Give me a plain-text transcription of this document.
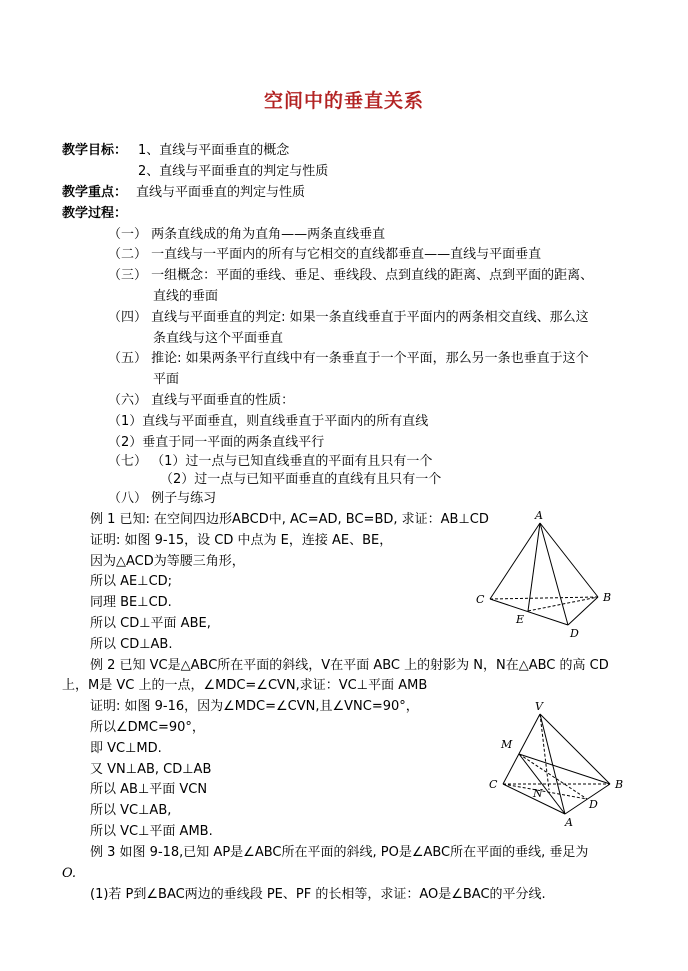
空间中的垂直关系
教学目标： 1、直线与平面垂直的概念
2、直线与平面垂直的判定与性质
教学重点： 直线与平面垂直的判定与性质
教学过程：
（一） 两条直线成的角为直角——两条直线垂直
（二） 一直线与一平面内的所有与它相交的直线都垂直——直线与平面垂直
（三） 一组概念：平面的垂线、垂足、垂线段、点到直线的距离、点到平面的距离、
直线的垂面
（四） 直线与平面垂直的判定: 如果一条直线垂直于平面内的两条相交直线、那么这
条直线与这个平面垂直
（五） 推论: 如果两条平行直线中有一条垂直于一个平面，那么另一条也垂直于这个
平面
（六） 直线与平面垂直的性质：
（1）直线与平面垂直，则直线垂直于平面内的所有直线
（2）垂直于同一平面的两条直线平行
（七） （1）过一点与已知直线垂直的平面有且只有一个
（2）过一点与已知平面垂直的直线有且只有一个
（八） 例子与练习
例 1 已知: 在空间四边形ABCD中, AC=AD, BC=BD, 求证：AB⊥CD
证明: 如图 9-15，设 CD 中点为 E，连接 AE、BE，
因为△ACD为等腰三角形，
所以 AE⊥CD;
同理 BE⊥CD.
所以 CD⊥平面 ABE,
所以 CD⊥AB.
例 2 已知 VC是△ABC所在平面的斜线，V在平面 ABC 上的射影为 N，N在△ABC 的高 CD
上，M是 VC 上的一点，∠MDC=∠CVN,求证：VC⊥平面 AMB
证明: 如图 9-16，因为∠MDC=∠CVN,且∠VNC=90°，
所以∠DMC=90°，
即 VC⊥MD.
又 VN⊥AB, CD⊥AB
所以 AB⊥平面 VCN
所以 VC⊥AB,
所以 VC⊥平面 AMB.
例 3 如图 9-18,已知 AP是∠ABC所在平面的斜线, PO是∠ABC所在平面的垂线, 垂足为
O.
(1)若 P到∠BAC两边的垂线段 PE、PF 的长相等，求证：AO是∠BAC的平分线.
A
C	B
E
D
V
M
C
N
D
B
A
